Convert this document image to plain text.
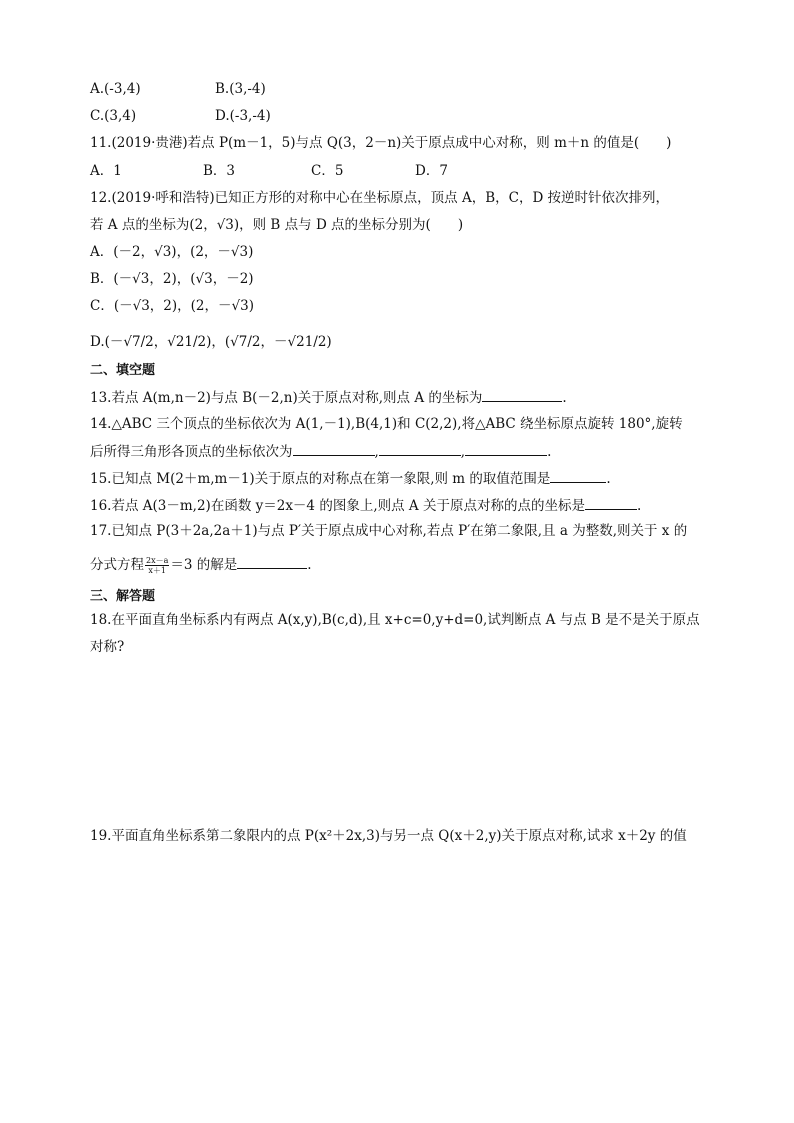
A.(-3,4)	B.(3,-4)
C.(3,4)	D.(-3,-4)
11.(2019·贵港)若点 P(m－1，5)与点 Q(3，2－n)关于原点成中心对称，则 m＋n 的值是(　　)
A．1	B．3	C．5	D．7
12.(2019·呼和浩特)已知正方形的对称中心在坐标原点，顶点 A，B，C，D 按逆时针依次排列，
若 A 点的坐标为(2，√3)，则 B 点与 D 点的坐标分别为(　　)
A．(－2，√3)，(2，－√3)
B．(－√3，2)，(√3，－2)
C．(－√3，2)，(2，－√3)
D.(－√7/2，√21/2)，(√7/2，－√21/2)
二、填空题
13.若点 A(m,n－2)与点 B(－2,n)关于原点对称,则点 A 的坐标为	.
14.△ABC 三个顶点的坐标依次为 A(1,－1),B(4,1)和 C(2,2),将△ABC 绕坐标原点旋转 180°,旋转
后所得三角形各顶点的坐标依次为	,	,	.
15.已知点 M(2＋m,m－1)关于原点的对称点在第一象限,则 m 的取值范围是	.
16.若点 A(3－m,2)在函数 y＝2x－4 的图象上,则点 A 关于原点对称的点的坐标是	.
17.已知点 P(3＋2a,2a＋1)与点 P′关于原点成中心对称,若点 P′在第二象限,且 a 为整数,则关于 x 的
分式方程 $\frac{2x-a}{x+1} =3$ 的解是	.
三、解答题
18.在平面直角坐标系内有两点 A(x,y),B(c,d),且 x+c=0,y+d=0,试判断点 A 与点 B 是不是关于原点
对称?
19.平面直角坐标系第二象限内的点 P(x²＋2x,3)与另一点 Q(x＋2,y)关于原点对称,试求 x＋2y 的值
